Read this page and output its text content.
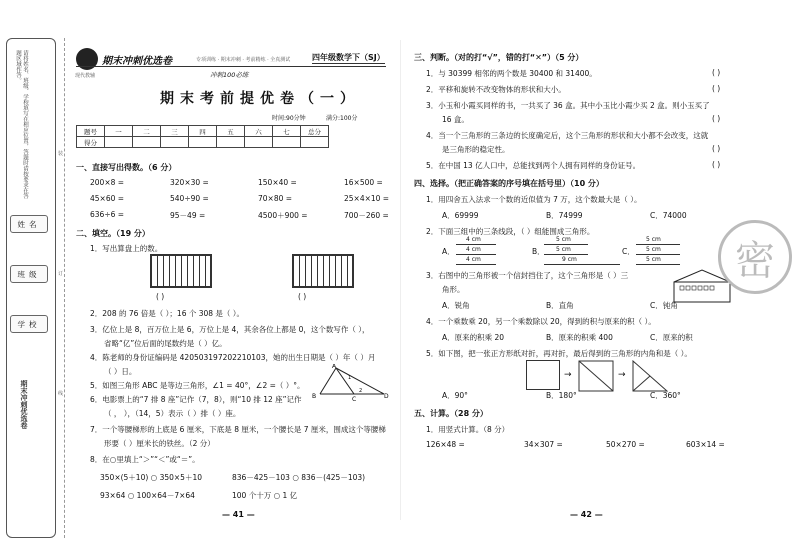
请将姓名、班级、学校填写在相应位置，答题时请按要求在答题区域作答。
姓名
班级
学校
期末冲刺优选卷
装
订
线
现代教辅
期末冲刺优选卷	专项训练 · 期末冲刺 · 考前精练 · 全真测试	四年级数学下（SJ）
冲刺100必练
期末考前提优卷（一）
时间:90分钟	满分:100分
题号	一	二	三	四	五	六	七	总分
得分								
一、直接写出得数。（6 分）
200×8 =	320×30 =	150×40 =	16×500 =
45×60 =	540÷90 =	70×80 =	25×4×10 =
636÷6 =	95－49 =	4500＋900 =	700－260 =
二、填空。（19 分）
1．写出算盘上的数。
( )	( )
2．208 的 76 倍是（ ）；16 个 308 是（ ）。
3．亿位上是 8，百万位上是 6，万位上是 4，其余各位上都是 0，这个数写作（ ），
省略“亿”位后面的尾数约是（ ）亿。
4．陈老师的身份证编码是 420503197202210103，她的出生日期是（ ）年（ ）月
（ ）日。
5．如图三角形 ABC 是等边三角形，∠1 = 40°，∠2 =（ ）°。
A
B	C	D
1
2
6．电影票上的“7 排 8 座”记作（7，8），则“10 排 12 座”记作
（ ， ），（14，5）表示（ ）排（ ）座。
7．一个等腰梯形的上底是 6 厘米，下底是 8 厘米，一个腰长是 7 厘米，围成这个等腰梯
形要（ ）厘米长的铁丝。（2 分）
8．在○里填上“＞”“＜”或“＝”。
350×(5＋10) ○ 350×5＋10	836－425－103 ○ 836－(425－103)
93×64 ○ 100×64－7×64	100 个十万 ○ 1 亿
— 41 —
三、判断。（对的打“√”，错的打“✕”）（5 分）
1．与 30399 相邻的两个数是 30400 和 31400。
2．平移和旋转不改变物体的形状和大小。
3．小玉和小霞买同样的书，一共买了 36 盒。其中小玉比小霞少买 2 盒。则小玉买了
16 盒。
4．当一个三角形的三条边的长度确定后，这个三角形的形状和大小都不会改变，这就
是三角形的稳定性。
5．在中国 13 亿人口中，总能找到两个人拥有同样的身份证号。
( )
( )
( )
( )
( )
四、选择。（把正确答案的序号填在括号里）（10 分）
1．用四舍五入法求一个数的近似值为 7 万，这个数最大是（ ）。
A．69999	B．74999	C．74000
2．下面三组中的三条线段，（ ）组能围成三角形。
A．	B．	C．
4 cm
4 cm
4 cm
5 cm
5 cm
9 cm
5 cm
5 cm
5 cm
3．右图中的三角形被一个信封挡住了，这个三角形是（ ）三
角形。
A．锐角	B．直角	C．钝角
4．一个乘数乘 20，另一个乘数除以 20，得到的积与原来的积（ ）。
A．原来的积乘 20	B．原来的积乘 400	C．原来的积
5．如下图，把一张正方形纸对折，再对折，最后得到的三角形的内角和是（ ）。
→	→
A．90°	B．180°	C．360°
五、计算。（28 分）
1．用竖式计算。（8 分）
126×48 =	34×307 =	50×270 =	603×14 =
密
— 42 —
